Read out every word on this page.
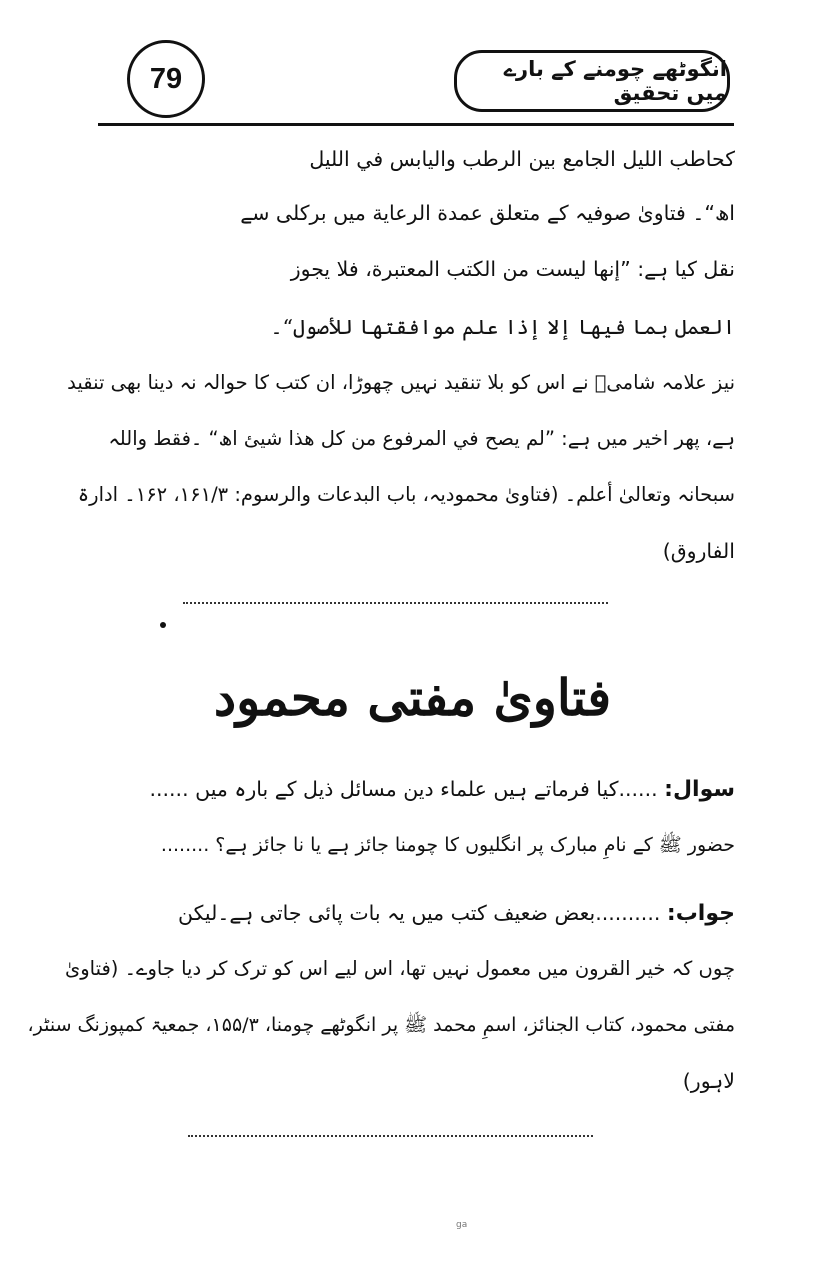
79	انگوٹھے چومنے کے بارے میں تحقیق
كحاطب الليل الجامع بين الرطب واليابس في الليل
اھ“۔ فتاویٰ صوفیہ کے متعلق عمدة الرعاية میں برکلی سے
نقل کیا ہے: ”إنها ليست من الكتب المعتبرة، فلا يجوز
العمل بما فيها إلا إذا علم موافقتها للأصول“۔
نیز علامہ شامیؒ نے اس کو بلا تنقید نہیں چھوڑا، ان کتب کا حوالہ نہ دینا بھی تنقید
ہے، پھر اخیر میں ہے: ”لم يصح في المرفوع من كل هذا شيئ اھ“ ۔فقط واللہ
سبحانہ وتعالیٰ أعلم۔ (فتاویٰ محمودیہ، باب البدعات والرسوم: ۱۶۱/۳، ۱۶۲۔ ادارۃ
الفاروق)
فتاویٰ مفتی محمود
سوال: ......کیا فرماتے ہیں علماء دین مسائل ذیل کے بارہ میں ......
حضور ﷺ کے نامِ مبارک پر انگلیوں کا چومنا جائز ہے یا نا جائز ہے؟ ........
جواب: ..........بعض ضعیف کتب میں یہ بات پائی جاتی ہے۔لیکن
چوں کہ خیر القرون میں معمول نہیں تھا، اس لیے اس کو ترک کر دیا جاوے۔ (فتاویٰ
مفتی محمود، کتاب الجنائز، اسمِ محمد ﷺ پر انگوٹھے چومنا، ۱۵۵/۳، جمعیۃ کمپوزنگ سنٹر،
لاہور)
ga
